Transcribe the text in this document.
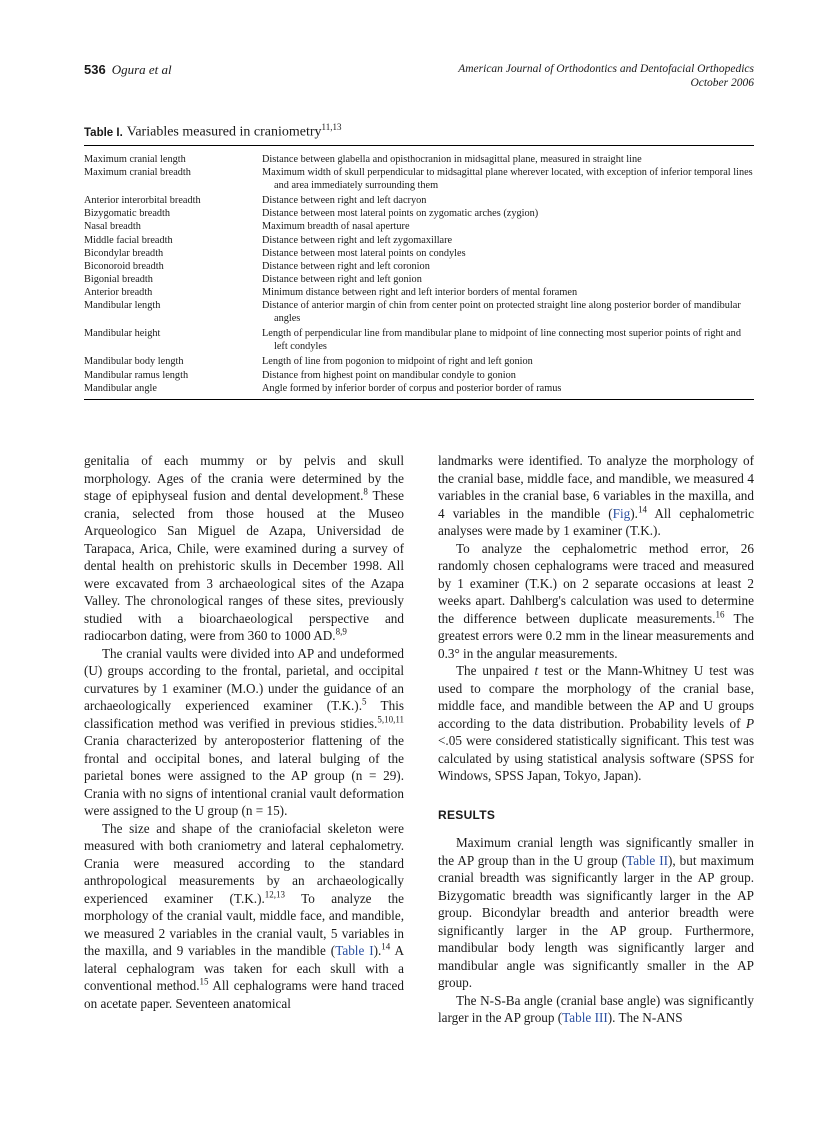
536 Ogura et al	American Journal of Orthodontics and Dentofacial Orthopedics
October 2006
Table I. Variables measured in craniometry$^{11,13}$
Maximum cranial length	Distance between glabella and opisthocranion in midsagittal plane, measured in straight line

Maximum cranial breadth	Maximum width of skull perpendicular to midsagittal plane wherever located, with exception of inferior temporal lines and area immediately surrounding them

Anterior interorbital breadth	Distance between right and left dacryon

Bizygomatic breadth	Distance between most lateral points on zygomatic arches (zygion)

Nasal breadth	Maximum breadth of nasal aperture

Middle facial breadth	Distance between right and left zygomaxillare

Bicondylar breadth	Distance between most lateral points on condyles

Biconoroid breadth	Distance between right and left coronion

Bigonial breadth	Distance between right and left gonion

Anterior breadth	Minimum distance between right and left interior borders of mental foramen

Mandibular length	Distance of anterior margin of chin from center point on protected straight line along posterior border of mandibular angles

Mandibular height	Length of perpendicular line from mandibular plane to midpoint of line connecting most superior points of right and left condyles

Mandibular body length	Length of line from pogonion to midpoint of right and left gonion

Mandibular ramus length	Distance from highest point on mandibular condyle to gonion

Mandibular angle	Angle formed by inferior border of corpus and posterior border of ramus

genitalia of each mummy or by pelvis and skull morphology. Ages of the crania were determined by the stage of epiphyseal fusion and dental development.$^8$ These crania, selected from those housed at the Museo Arqueologico San Miguel de Azapa, Universidad de Tarapaca, Arica, Chile, were examined during a survey of dental health on prehistoric skulls in December 1998. All were excavated from 3 archaeological sites of the Azapa Valley. The chronological ranges of these sites, previously studied with a bioarchaeological perspective and radiocarbon dating, were from 360 to 1000 AD.$^{8,9}$

The cranial vaults were divided into AP and undeformed (U) groups according to the frontal, parietal, and occipital curvatures by 1 examiner (M.O.) under the guidance of an archaeologically experienced examiner (T.K.).$^5$ This classification method was verified in previous stidies.$^{5,10,11}$ Crania characterized by anteroposterior flattening of the frontal and occipital bones, and lateral bulging of the parietal bones were assigned to the AP group (n = 29). Crania with no signs of intentional cranial vault deformation were assigned to the U group (n = 15).

The size and shape of the craniofacial skeleton were measured with both craniometry and lateral cephalometry. Crania were measured according to the standard anthropological measurements by an archaeologically experienced examiner (T.K.).$^{12,13}$ To analyze the morphology of the cranial vault, middle face, and mandible, we measured 2 variables in the cranial vault, 5 variables in the maxilla, and 9 variables in the mandible (Table I).$^{14}$ A lateral cephalogram was taken for each skull with a conventional method.$^{15}$ All cephalograms were hand traced on acetate paper. Seventeen anatomical

landmarks were identified. To analyze the morphology of the cranial base, middle face, and mandible, we measured 4 variables in the cranial base, 6 variables in the maxilla, and 4 variables in the mandible (Fig).$^{14}$ All cephalometric analyses were made by 1 examiner (T.K.).

To analyze the cephalometric method error, 26 randomly chosen cephalograms were traced and measured by 1 examiner (T.K.) on 2 separate occasions at least 2 weeks apart. Dahlberg's calculation was used to determine the difference between duplicate measurements.$^{16}$ The greatest errors were 0.2 mm in the linear measurements and 0.3° in the angular measurements.

The unpaired t test or the Mann-Whitney U test was used to compare the morphology of the cranial base, middle face, and mandible between the AP and U groups according to the data distribution. Probability levels of P <.05 were considered statistically significant. This test was calculated by using statistical analysis software (SPSS for Windows, SPSS Japan, Tokyo, Japan).

RESULTS

Maximum cranial length was significantly smaller in the AP group than in the U group (Table II), but maximum cranial breadth was significantly larger in the AP group. Bizygomatic breadth was significantly larger in the AP group. Bicondylar breadth and anterior breadth were significantly larger in the AP group. Furthermore, mandibular body length was significantly larger and mandibular angle was significantly smaller in the AP group.

The N-S-Ba angle (cranial base angle) was significantly larger in the AP group (Table III). The N-ANS
